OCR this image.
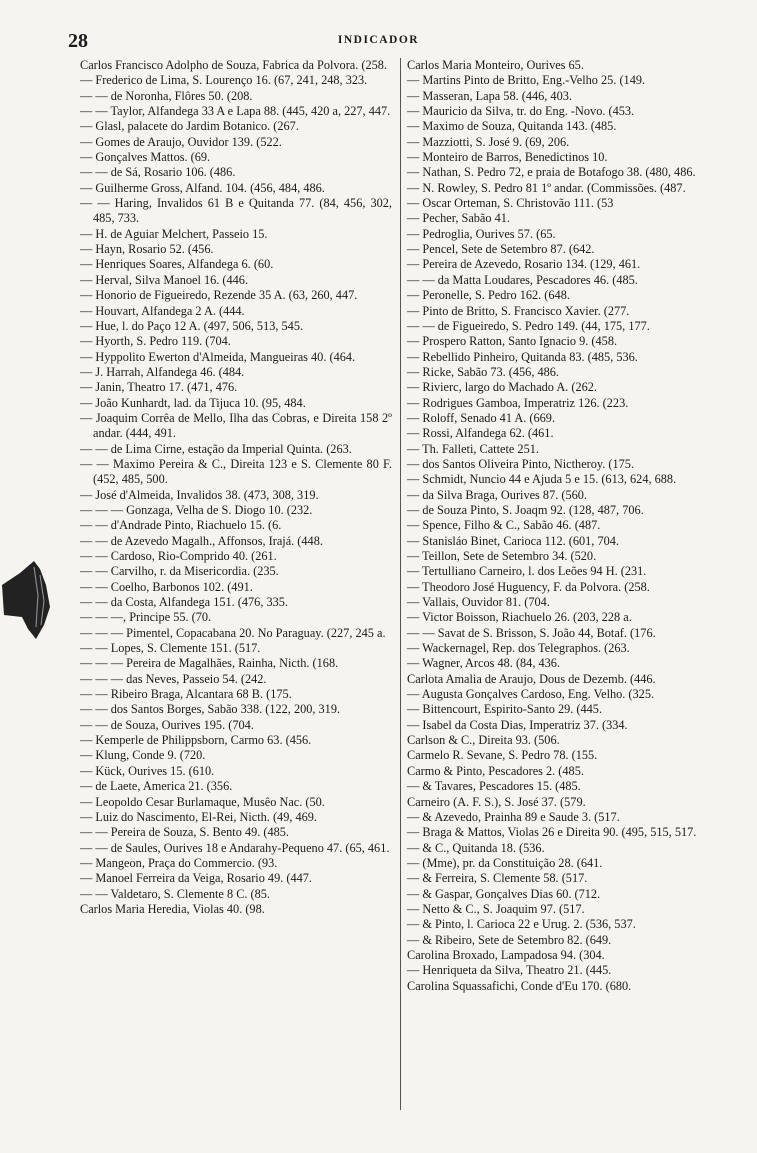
28	INDICADOR

Carlos Francisco Adolpho de Souza, Fabrica da Polvora. (258.

— Frederico de Lima, S. Lourenço 16. (67, 241, 248, 323.

— — de Noronha, Flôres 50. (208.

— — Taylor, Alfandega 33 A e Lapa 88. (445, 420 a, 227, 447.

— Glasl, palacete do Jardim Botanico. (267.

— Gomes de Araujo, Ouvidor 139. (522.

— Gonçalves Mattos. (69.

— — de Sá, Rosario 106. (486.

— Guilherme Gross, Alfand. 104. (456, 484, 486.

— — Haring, Invalidos 61 B e Quitanda 77. (84, 456, 302, 485, 733.

— H. de Aguiar Melchert, Passeio 15.

— Hayn, Rosario 52. (456.

— Henriques Soares, Alfandega 6. (60.

— Herval, Silva Manoel 16. (446.

— Honorio de Figueiredo, Rezende 35 A. (63, 260, 447.

— Houvart, Alfandega 2 A. (444.

— Hue, l. do Paço 12 A. (497, 506, 513, 545.

— Hyorth, S. Pedro 119. (704.

— Hyppolito Ewerton d'Almeida, Mangueiras 40. (464.

— J. Harrah, Alfandega 46. (484.

— Janin, Theatro 17. (471, 476.

— João Kunhardt, lad. da Tijuca 10. (95, 484.

— Joaquim Corrêa de Mello, Ilha das Cobras, e Direita 158 2º andar. (444, 491.

— — de Lima Cirne, estação da Imperial Quinta. (263.

— — Maximo Pereira & C., Direita 123 e S. Clemente 80 F. (452, 485, 500.

— José d'Almeida, Invalidos 38. (473, 308, 319.

— — — Gonzaga, Velha de S. Diogo 10. (232.

— — d'Andrade Pinto, Riachuelo 15. (6.

— — de Azevedo Magalh., Affonsos, Irajá. (448.

— — Cardoso, Rio-Comprido 40. (261.

— — Carvilho, r. da Misericordia. (235.

— — Coelho, Barbonos 102. (491.

— — da Costa, Alfandega 151. (476, 335.

— — —, Principe 55. (70.

— — — Pimentel, Copacabana 20. No Paraguay. (227, 245 a.

— — Lopes, S. Clemente 151. (517.

— — — Pereira de Magalhães, Rainha, Nicth. (168.

— — — das Neves, Passeio 54. (242.

— — Ribeiro Braga, Alcantara 68 B. (175.

— — dos Santos Borges, Sabão 338. (122, 200, 319.

— — de Souza, Ourives 195. (704.

— Kemperle de Philippsborn, Carmo 63. (456.

— Klung, Conde 9. (720.

— Kück, Ourives 15. (610.

— de Laete, America 21. (356.

— Leopoldo Cesar Burlamaque, Musêo Nac. (50.

— Luiz do Nascimento, El-Rei, Nicth. (49, 469.

— — Pereira de Souza, S. Bento 49. (485.

— — de Saules, Ourives 18 e Andarahy-Pequeno 47. (65, 461.

— Mangeon, Praça do Commercio. (93.

— Manoel Ferreira da Veiga, Rosario 49. (447.

— — Valdetaro, S. Clemente 8 C. (85.

Carlos Maria Heredia, Violas 40. (98.

Carlos Maria Monteiro, Ourives 65.

— Martins Pinto de Britto, Eng.-Velho 25. (149.

— Masseran, Lapa 58. (446, 403.

— Mauricio da Silva, tr. do Eng. -Novo. (453.

— Maximo de Souza, Quitanda 143. (485.

— Mazziotti, S. José 9. (69, 206.

— Monteiro de Barros, Benedictinos 10.

— Nathan, S. Pedro 72, e praia de Botafogo 38. (480, 486.

— N. Rowley, S. Pedro 81 1º andar. (Commissões. (487.

— Oscar Orteman, S. Christovão 111. (53

— Pecher, Sabão 41.

— Pedroglia, Ourives 57. (65.

— Pencel, Sete de Setembro 87. (642.

— Pereira de Azevedo, Rosario 134. (129, 461.

— — da Matta Loudares, Pescadores 46. (485.

— Peronelle, S. Pedro 162. (648.

— Pinto de Britto, S. Francisco Xavier. (277.

— — de Figueiredo, S. Pedro 149. (44, 175, 177.

— Prospero Ratton, Santo Ignacio 9. (458.

— Rebellido Pinheiro, Quitanda 83. (485, 536.

— Ricke, Sabão 73. (456, 486.

— Rivierc, largo do Machado A. (262.

— Rodrigues Gamboa, Imperatriz 126. (223.

— Roloff, Senado 41 A. (669.

— Rossi, Alfandega 62. (461.

— Th. Falleti, Cattete 251.

— dos Santos Oliveira Pinto, Nictheroy. (175.

— Schmidt, Nuncio 44 e Ajuda 5 e 15. (613, 624, 688.

— da Silva Braga, Ourives 87. (560.

— de Souza Pinto, S. Joaqm 92. (128, 487, 706.

— Spence, Filho & C., Sabão 46. (487.

— Stanisláo Binet, Carioca 112. (601, 704.

— Teillon, Sete de Setembro 34. (520.

— Tertulliano Carneiro, l. dos Leões 94 H. (231.

— Theodoro José Huguency, F. da Polvora. (258.

— Vallais, Ouvidor 81. (704.

— Victor Boisson, Riachuelo 26. (203, 228 a.

— — Savat de S. Brisson, S. João 44, Botaf. (176.

— Wackernagel, Rep. dos Telegraphos. (263.

— Wagner, Arcos 48. (84, 436.

Carlota Amalia de Araujo, Dous de Dezemb. (446.

— Augusta Gonçalves Cardoso, Eng. Velho. (325.

— Bittencourt, Espirito-Santo 29. (445.

— Isabel da Costa Dias, Imperatriz 37. (334.

Carlson & C., Direita 93. (506.

Carmelo R. Sevane, S. Pedro 78. (155.

Carmo & Pinto, Pescadores 2. (485.

— & Tavares, Pescadores 15. (485.

Carneiro (A. F. S.), S. José 37. (579.

— & Azevedo, Prainha 89 e Saude 3. (517.

— Braga & Mattos, Violas 26 e Direita 90. (495, 515, 517.

— & C., Quitanda 18. (536.

— (Mme), pr. da Constituição 28. (641.

— & Ferreira, S. Clemente 58. (517.

— & Gaspar, Gonçalves Dias 60. (712.

— Netto & C., S. Joaquim 97. (517.

— & Pinto, l. Carioca 22 e Urug. 2. (536, 537.

— & Ribeiro, Sete de Setembro 82. (649.

Carolina Broxado, Lampadosa 94. (304.

— Henriqueta da Silva, Theatro 21. (445.

Carolina Squassafichi, Conde d'Eu 170. (680.
